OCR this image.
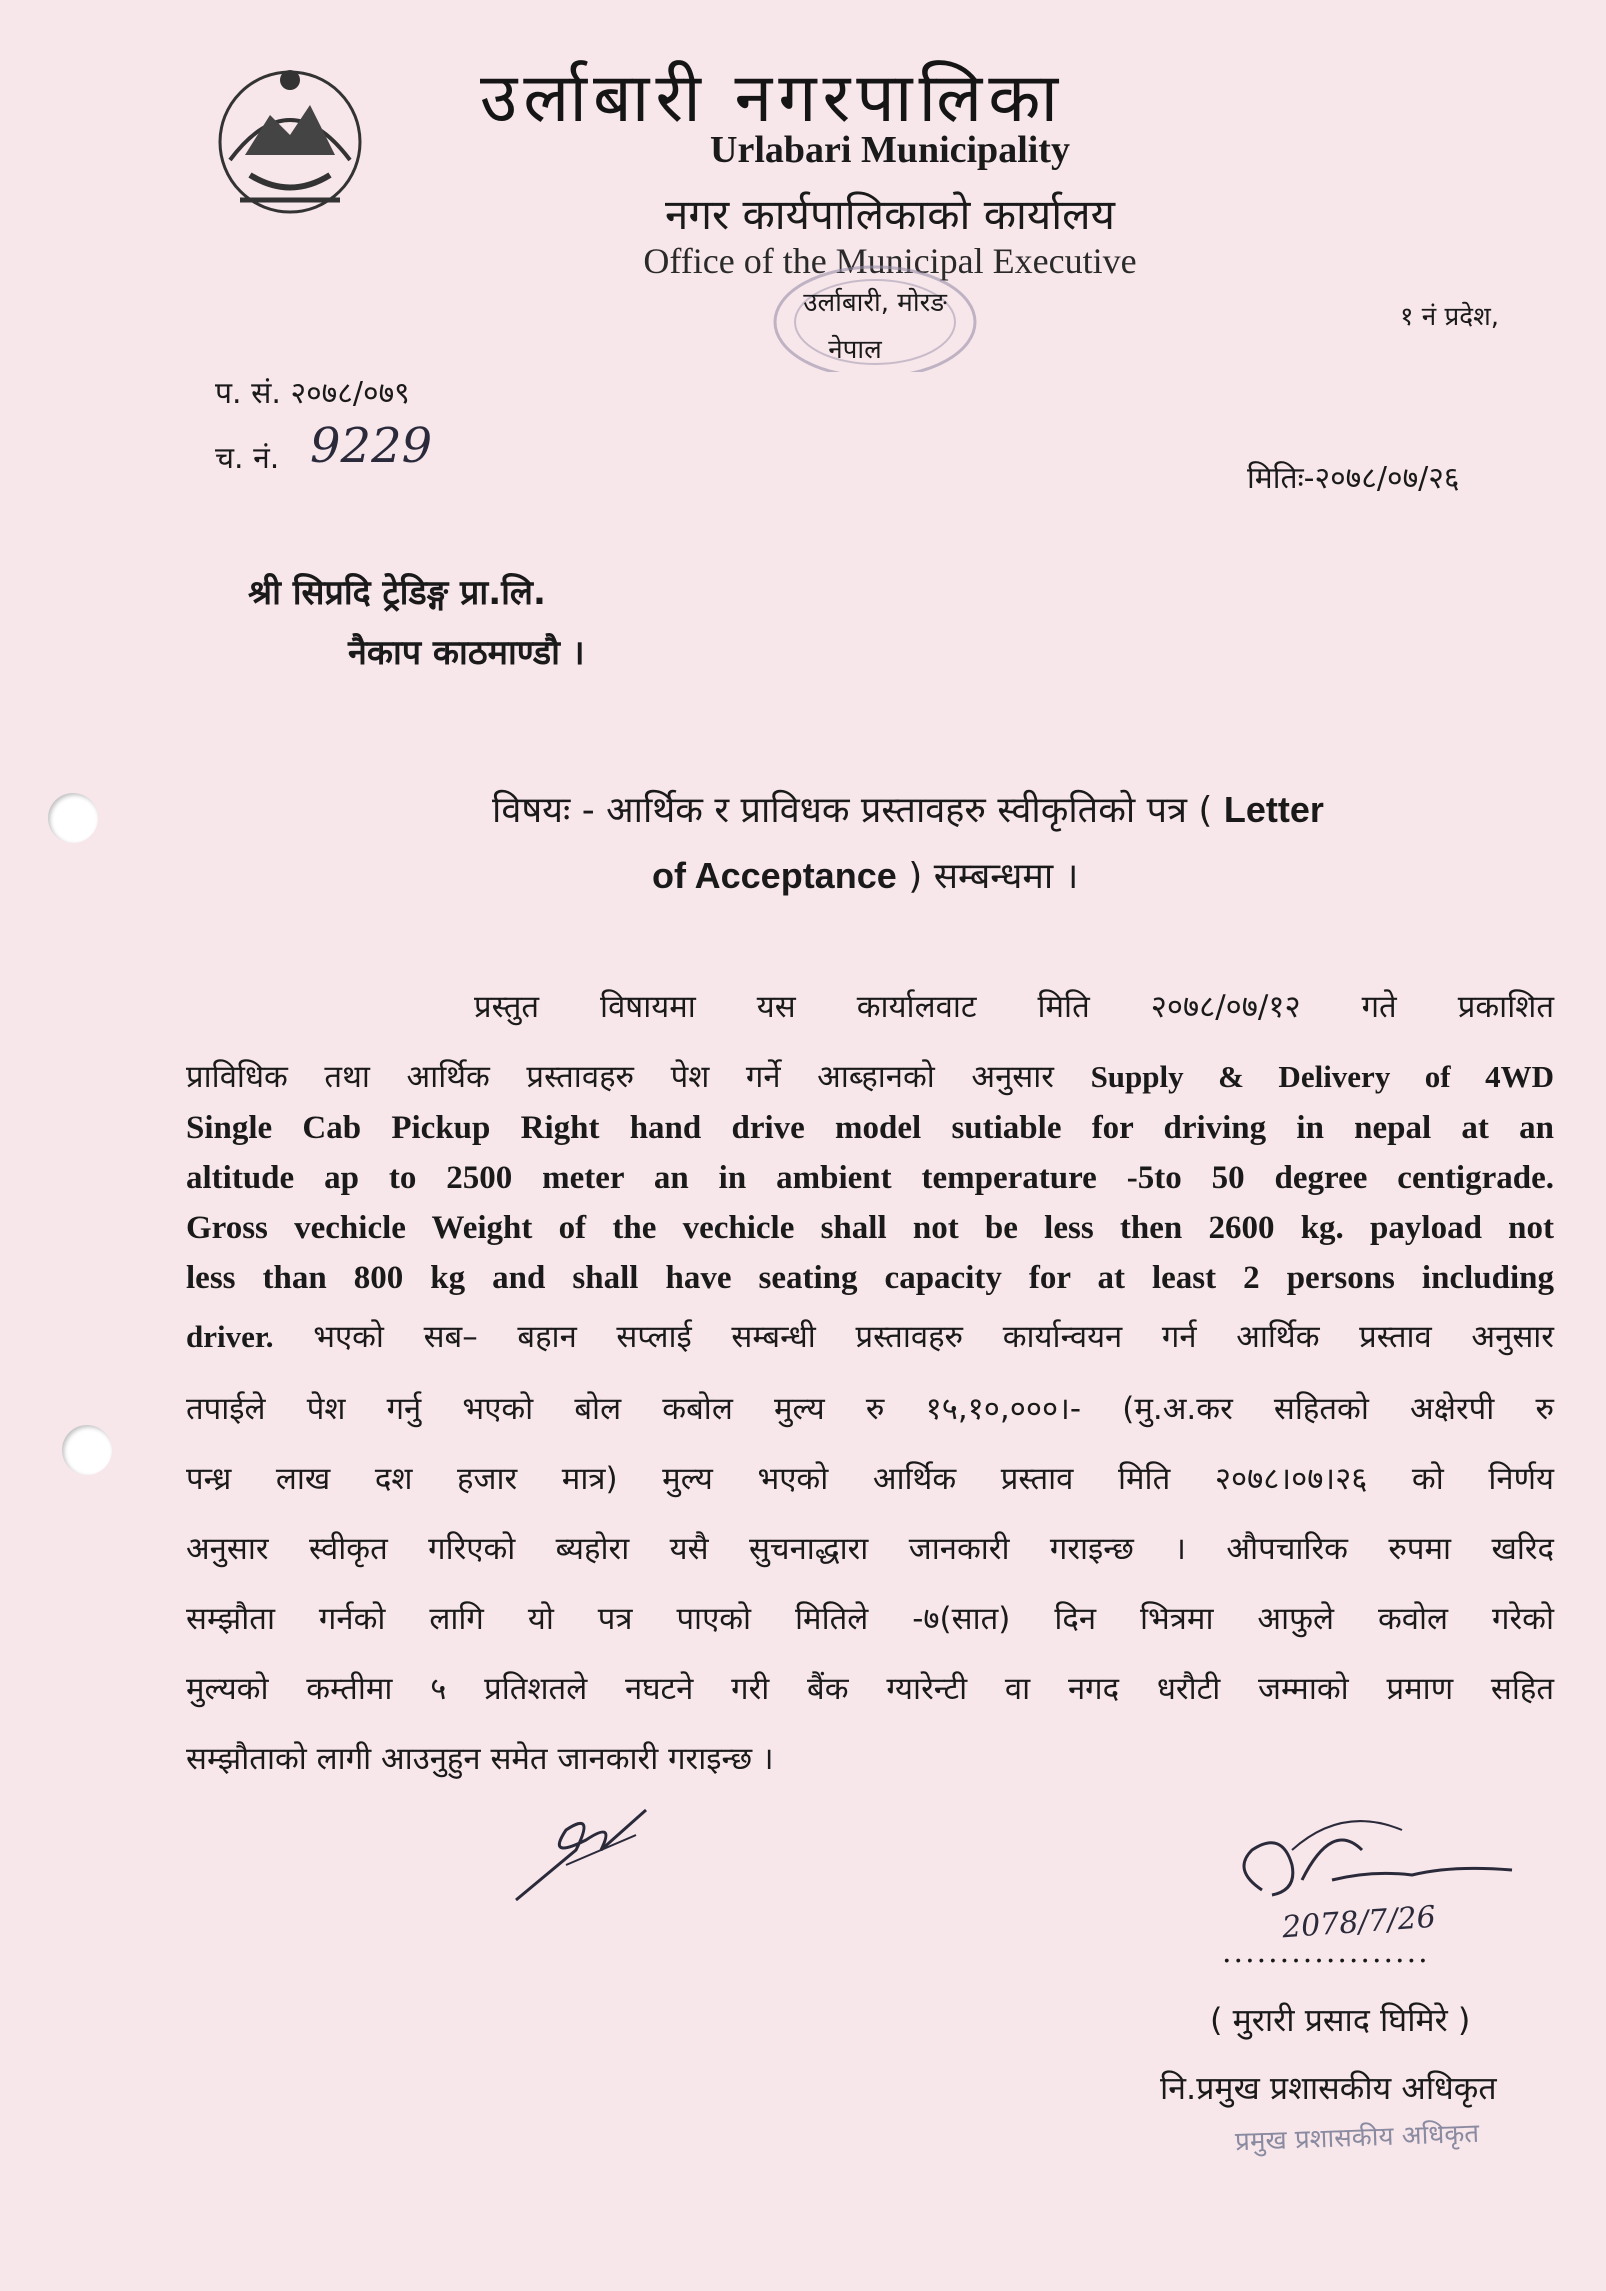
उर्लाबारी नगरपालिका
Urlabari Municipality
नगर कार्यपालिकाको कार्यालय
Office of the Municipal Executive
उर्लाबारी, मोरङ
नेपाल
१ नं प्रदेश,
प. सं. २०७८/०७९
च. नं. 9229
मितिः-२०७८/०७/२६
श्री सिप्रदि ट्रेडिङ्ग प्रा.लि.
नैकाप काठमाण्डौ ।
विषयः - आर्थिक र प्राविधक प्रस्तावहरु स्वीकृतिको पत्र ( Letter
of Acceptance ) सम्बन्धमा ।
प्रस्तुत विषायमा यस कार्यालवाट मिति २०७८/०७/१२ गते प्रकाशित
प्राविधिक तथा आर्थिक प्रस्तावहरु पेश गर्ने आब्हानको अनुसार Supply & Delivery of 4WD
Single Cab Pickup Right hand drive model sutiable for driving in nepal at an
altitude ap to 2500 meter an in ambient temperature -5to 50 degree centigrade.
Gross vechicle Weight of the vechicle shall not be less then 2600 kg. payload not
less than 800 kg and shall have seating capacity for at least 2 persons including
driver. भएको सब– बहान सप्लाई सम्बन्धी प्रस्तावहरु कार्यान्वयन गर्न आर्थिक प्रस्ताव अनुसार
तपाईले पेश गर्नु भएको बोल कबोल मुल्य रु १५,१०,०००।- (मु.अ.कर सहितको अक्षेरपी रु
पन्ध्र लाख दश हजार मात्र) मुल्य भएको आर्थिक प्रस्ताव मिति २०७८।०७।२६ को निर्णय
अनुसार स्वीकृत गरिएको ब्यहोरा यसै सुचनाद्धारा जानकारी गराइन्छ । औपचारिक रुपमा खरिद
सम्झौता गर्नको लागि यो पत्र पाएको मितिले -७(सात) दिन भित्रमा आफुले कवोल गरेको
मुल्यको कम्तीमा ५ प्रतिशतले नघटने गरी बैंक ग्यारेन्टी वा नगद धरौटी जम्माको प्रमाण सहित
सम्झौताको लागी आउनुहुन समेत जानकारी गराइन्छ ।
2078/7/26
..................
( मुरारी प्रसाद घिमिरे )
नि.प्रमुख प्रशासकीय अधिकृत
प्रमुख प्रशासकीय अधिकृत
